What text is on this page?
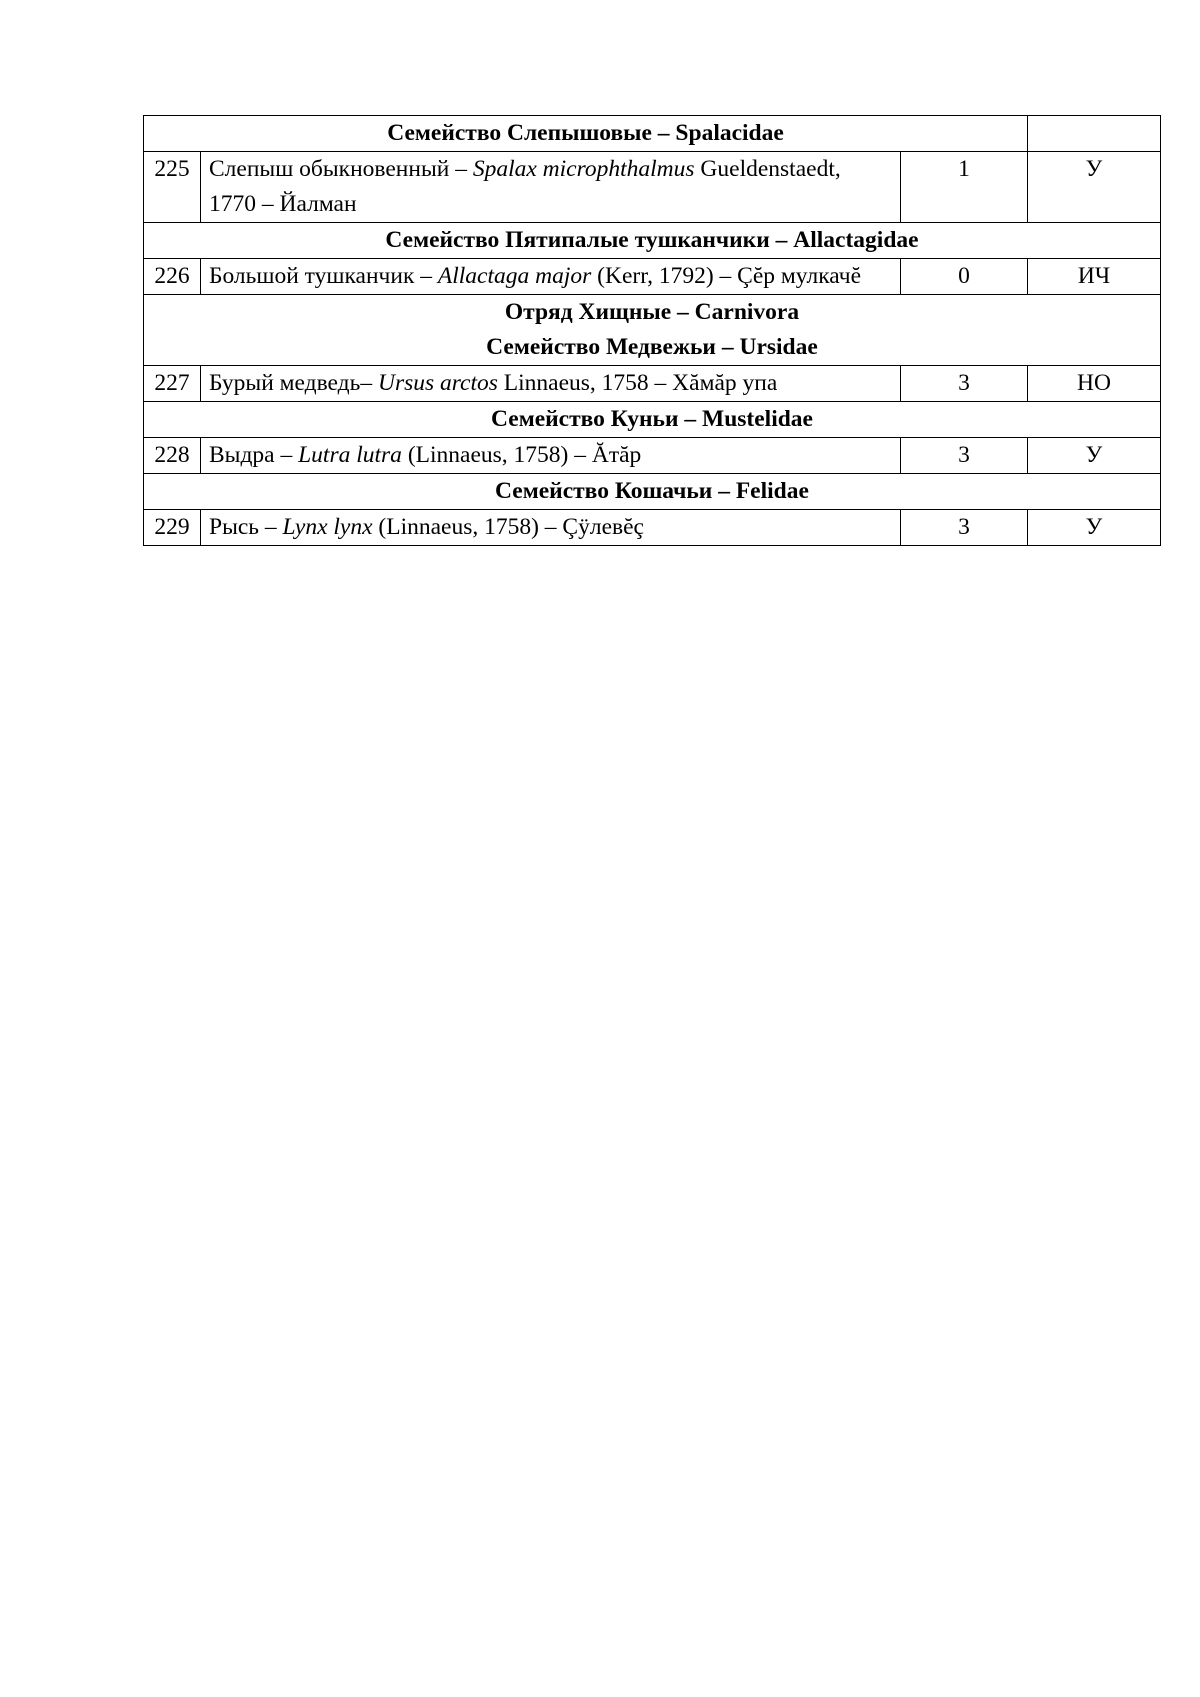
Семейство Слепышовые – Spalacidae			
225	Слепыш обыкновенный – Spalax microphthalmus Gueldenstaedt, 1770 – Йалман	1	У
Семейство Пятипалые тушканчики – Allactagidae			
226	Большой тушканчик – Allactaga major (Kerr, 1792) – Çĕр мулкачĕ	0	ИЧ

Отряд Хищные – Carnivora
Семейство Медвежьи – Ursidae			

227	Бурый медведь– Ursus arctos Linnaeus, 1758 – Хăмăр упа	3	НО
Семейство Куньи – Mustelidae			
228	Выдра – Lutra lutra (Linnaeus, 1758) – Ăтăр	3	У
Семейство Кошачьи – Felidae			
229	Рысь – Lynx lynx (Linnaeus, 1758) – Çÿлевĕç	3	У
